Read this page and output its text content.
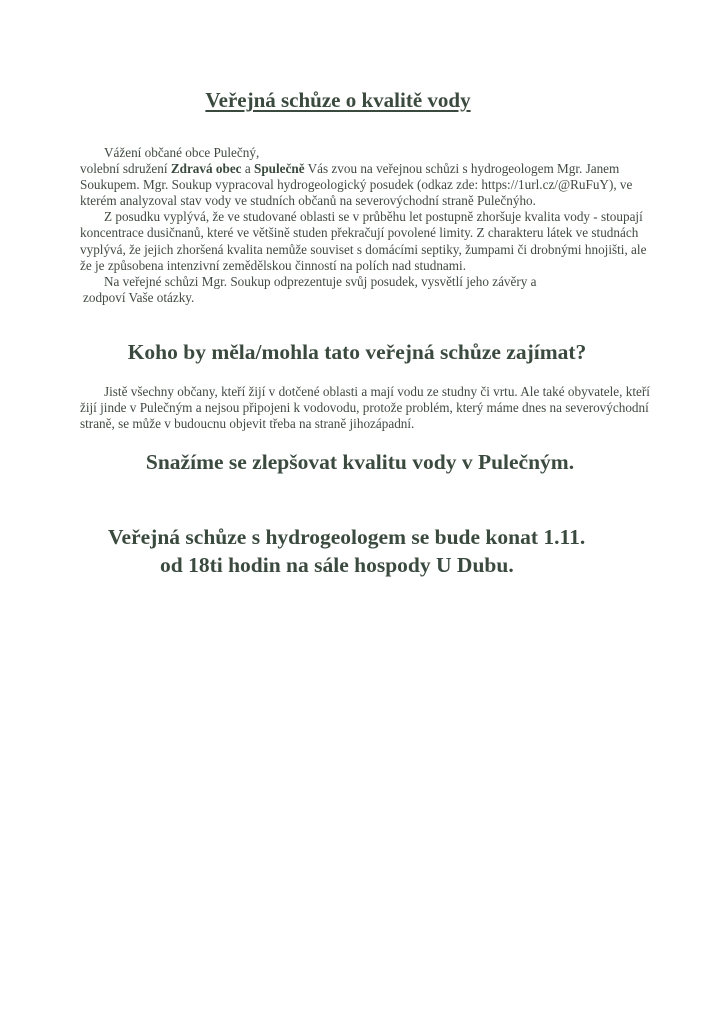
Veřejná schůze o kvalitě vody

Vážení občané obce Pulečný,

volební sdružení Zdravá obec a Spulečně Vás zvou na veřejnou schůzi s hydrogeologem Mgr. Janem Soukupem. Mgr. Soukup vypracoval hydrogeologický posudek (odkaz zde: https://1url.cz/@RuFuY), ve kterém analyzoval stav vody ve studních občanů na severovýchodní straně Pulečnýho.

Z posudku vyplývá, že ve studované oblasti se v průběhu let postupně zhoršuje kvalita vody - stoupají koncentrace dusičnanů, které ve většině studen překračují povolené limity. Z charakteru látek ve studnách vyplývá, že jejich zhoršená kvalita nemůže souviset s domácími septiky, žumpami či drobnými hnojišti, ale že je způsobena intenzivní zemědělskou činností na polích nad studnami.

Na veřejné schůzi Mgr. Soukup odprezentuje svůj posudek, vysvětlí jeho závěry a

zodpoví Vaše otázky.

Koho by měla/mohla tato veřejná schůze zajímat?

Jistě všechny občany, kteří žijí v dotčené oblasti a mají vodu ze studny či vrtu. Ale také obyvatele, kteří žijí jinde v Pulečným a nejsou připojeni k vodovodu, protože problém, který máme dnes na severovýchodní straně, se může v budoucnu objevit třeba na straně jihozápadní.

Snažíme se zlepšovat kvalitu vody v Pulečným.

Veřejná schůze s hydrogeologem se bude konat 1.11.
od 18ti hodin na sále hospody U Dubu.
